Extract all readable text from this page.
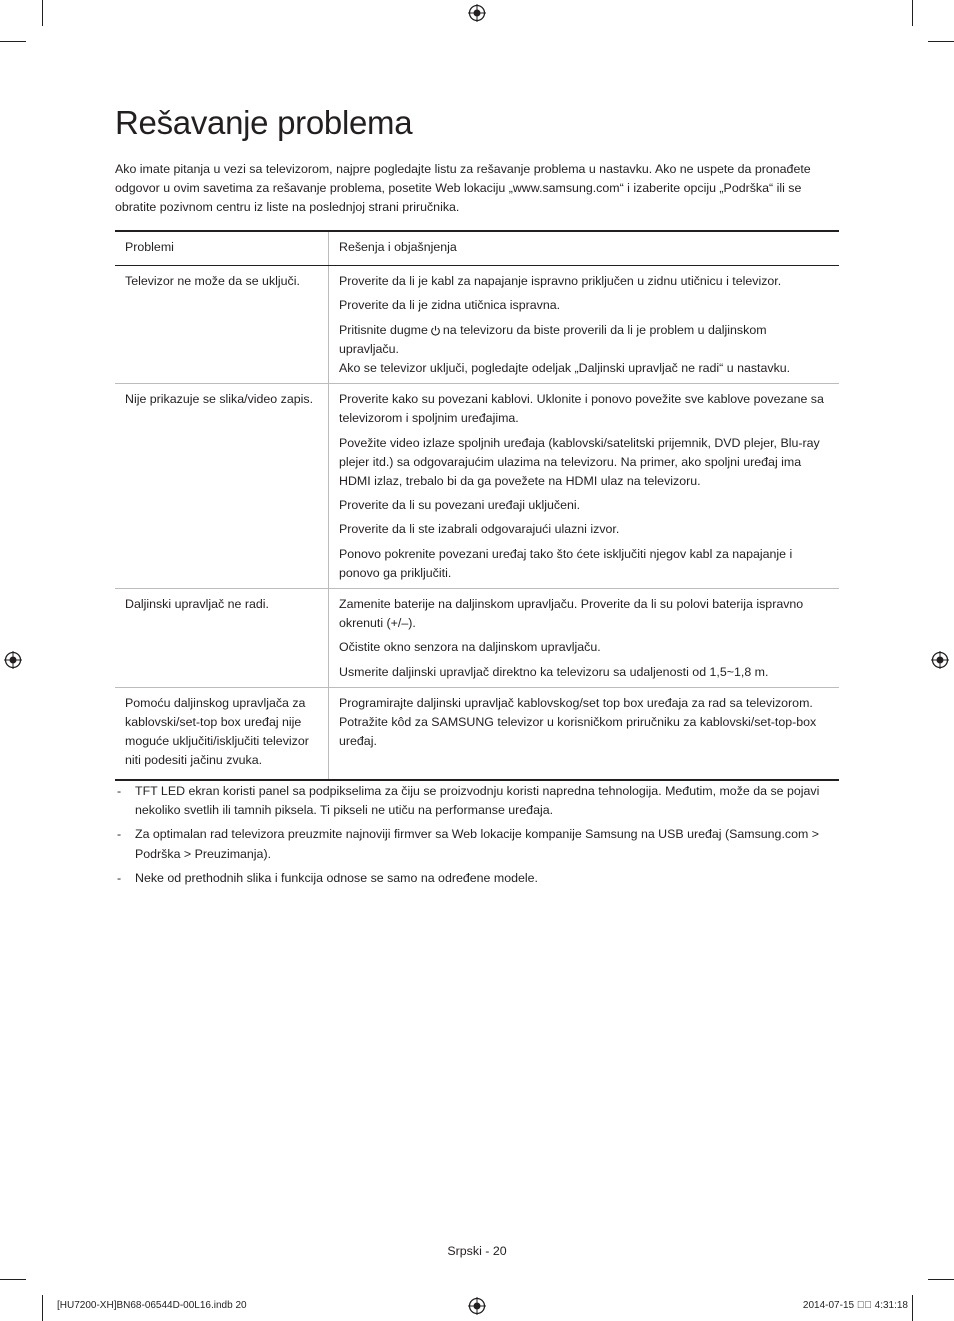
Rešavanje problema

Ako imate pitanja u vezi sa televizorom, najpre pogledajte listu za rešavanje problema u nastavku. Ako ne uspete da pronađete odgovor u ovim savetima za rešavanje problema, posetite Web lokaciju „www.samsung.com“ i izaberite opciju „Podrška“ ili se obratite pozivnom centru iz liste na poslednjoj strani priručnika.

Problemi	Rešenja i objašnjenja
Televizor ne može da se uključi.	Proverite da li je kabl za napajanje ispravno priključen u zidnu utičnicu i televizor.

Proverite da li je zidna utičnica ispravna.

Pritisnite dugme na televizoru da biste proverili da li je problem u daljinskom upravljaču.
Ako se televizor uključi, pogledajte odeljak „Daljinski upravljač ne radi“ u nastavku.

Nije prikazuje se slika/video zapis.	Proverite kako su povezani kablovi. Uklonite i ponovo povežite sve kablove povezane sa televizorom i spoljnim uređajima.

Povežite video izlaze spoljnih uređaja (kablovski/satelitski prijemnik, DVD plejer, Blu-ray plejer itd.) sa odgovarajućim ulazima na televizoru. Na primer, ako spoljni uređaj ima HDMI izlaz, trebalo bi da ga povežete na HDMI ulaz na televizoru.

Proverite da li su povezani uređaji uključeni.

Proverite da li ste izabrali odgovarajući ulazni izvor.

Ponovo pokrenite povezani uređaj tako što ćete isključiti njegov kabl za napajanje i ponovo ga priključiti.

Daljinski upravljač ne radi.	Zamenite baterije na daljinskom upravljaču. Proverite da li su polovi baterija ispravno okrenuti (+/–).

Očistite okno senzora na daljinskom upravljaču.

Usmerite daljinski upravljač direktno ka televizoru sa udaljenosti od 1,5~1,8 m.

Pomoću daljinskog upravljača za kablovski/set-top box uređaj nije moguće uključiti/isključiti televizor niti podesiti jačinu zvuka.	Programirajte daljinski upravljač kablovskog/set top box uređaja za rad sa televizorom. Potražite kôd za SAMSUNG televizor u korisničkom priručniku za kablovski/set-top-box uređaj.

- TFT LED ekran koristi panel sa podpikselima za čiju se proizvodnju koristi napredna tehnologija. Međutim, može da se pojavi nekoliko svetlih ili tamnih piksela. Ti pikseli ne utiču na performanse uređaja.
- Za optimalan rad televizora preuzmite najnoviji firmver sa Web lokacije kompanije Samsung na USB uređaj (Samsung.com > Podrška > Preuzimanja).
- Neke od prethodnih slika i funkcija odnose se samo na određene modele.
Srpski - 20
[HU7200-XH]BN68-06544D-00L16.indb 20	2014-07-15 ￿￿ 4:31:18
